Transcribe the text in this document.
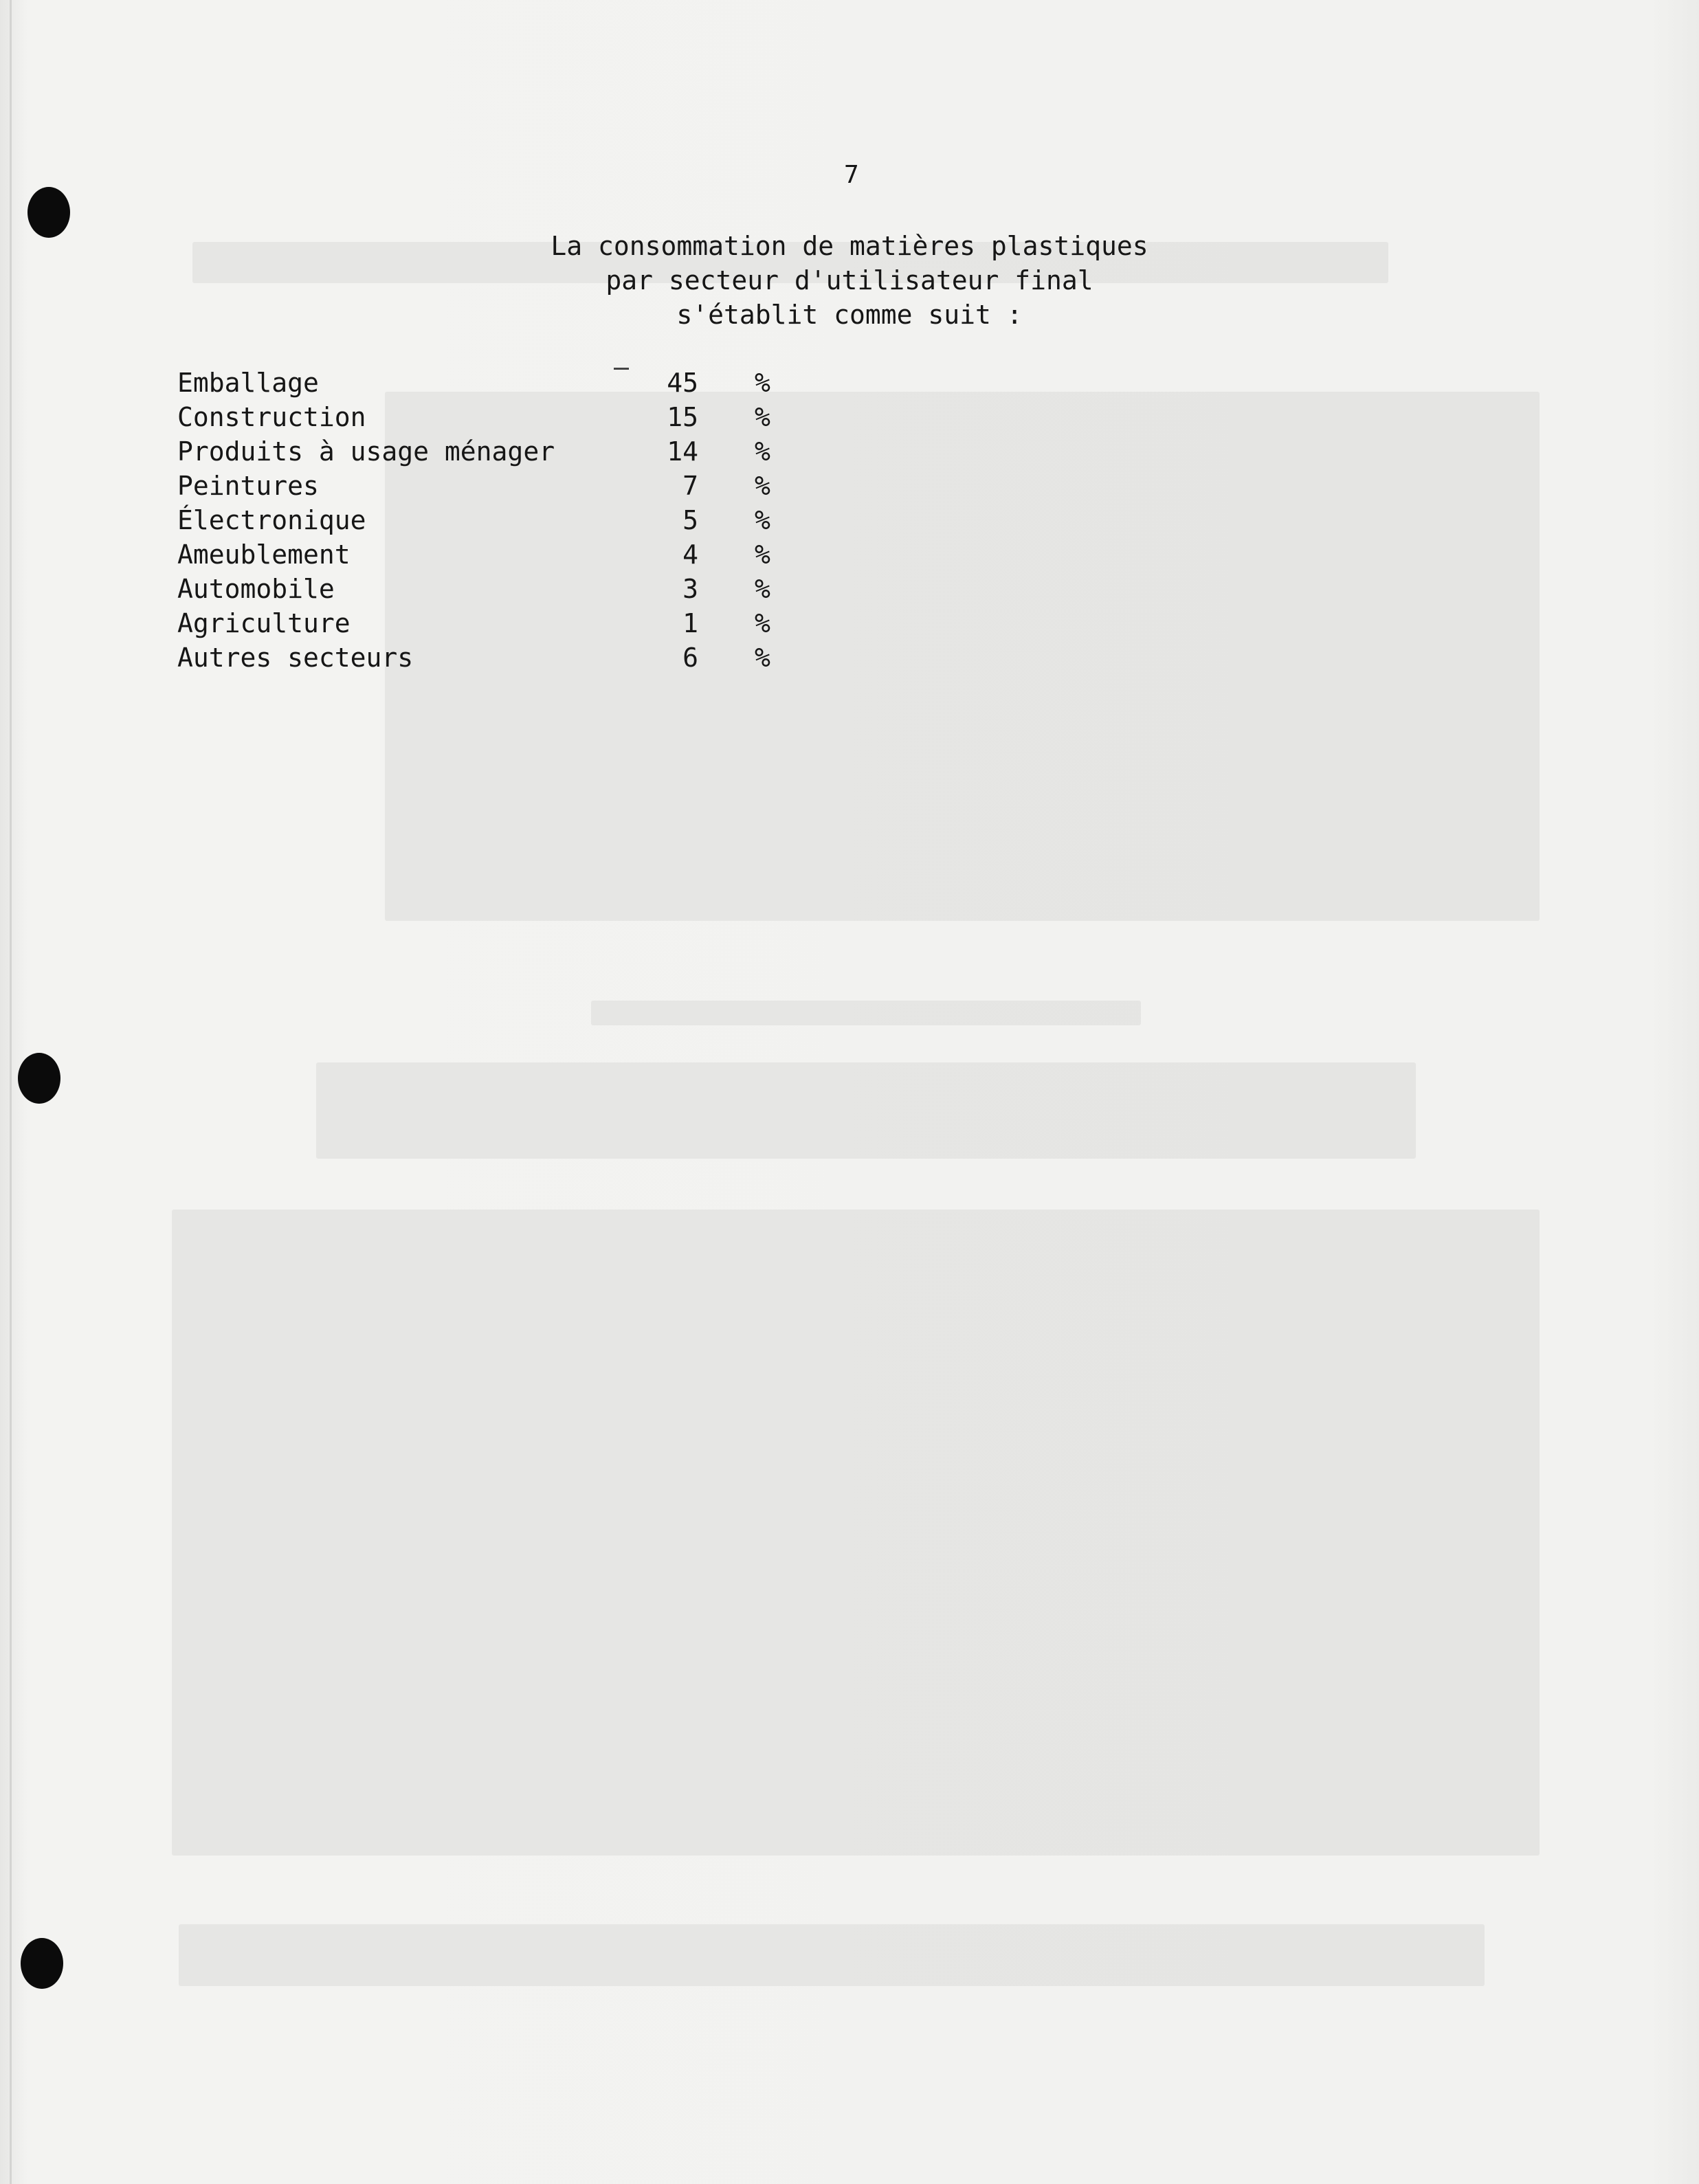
7
La consommation de matières plastiques
par secteur d'utilisateur final
s'établit comme suit :
Emballage	45 %
Construction	15 %
Produits à usage ménager	14 %
Peintures	7 %
Électronique	5 %
Ameublement	4 %
Automobile	3 %
Agriculture	1 %
Autres secteurs	6 %
